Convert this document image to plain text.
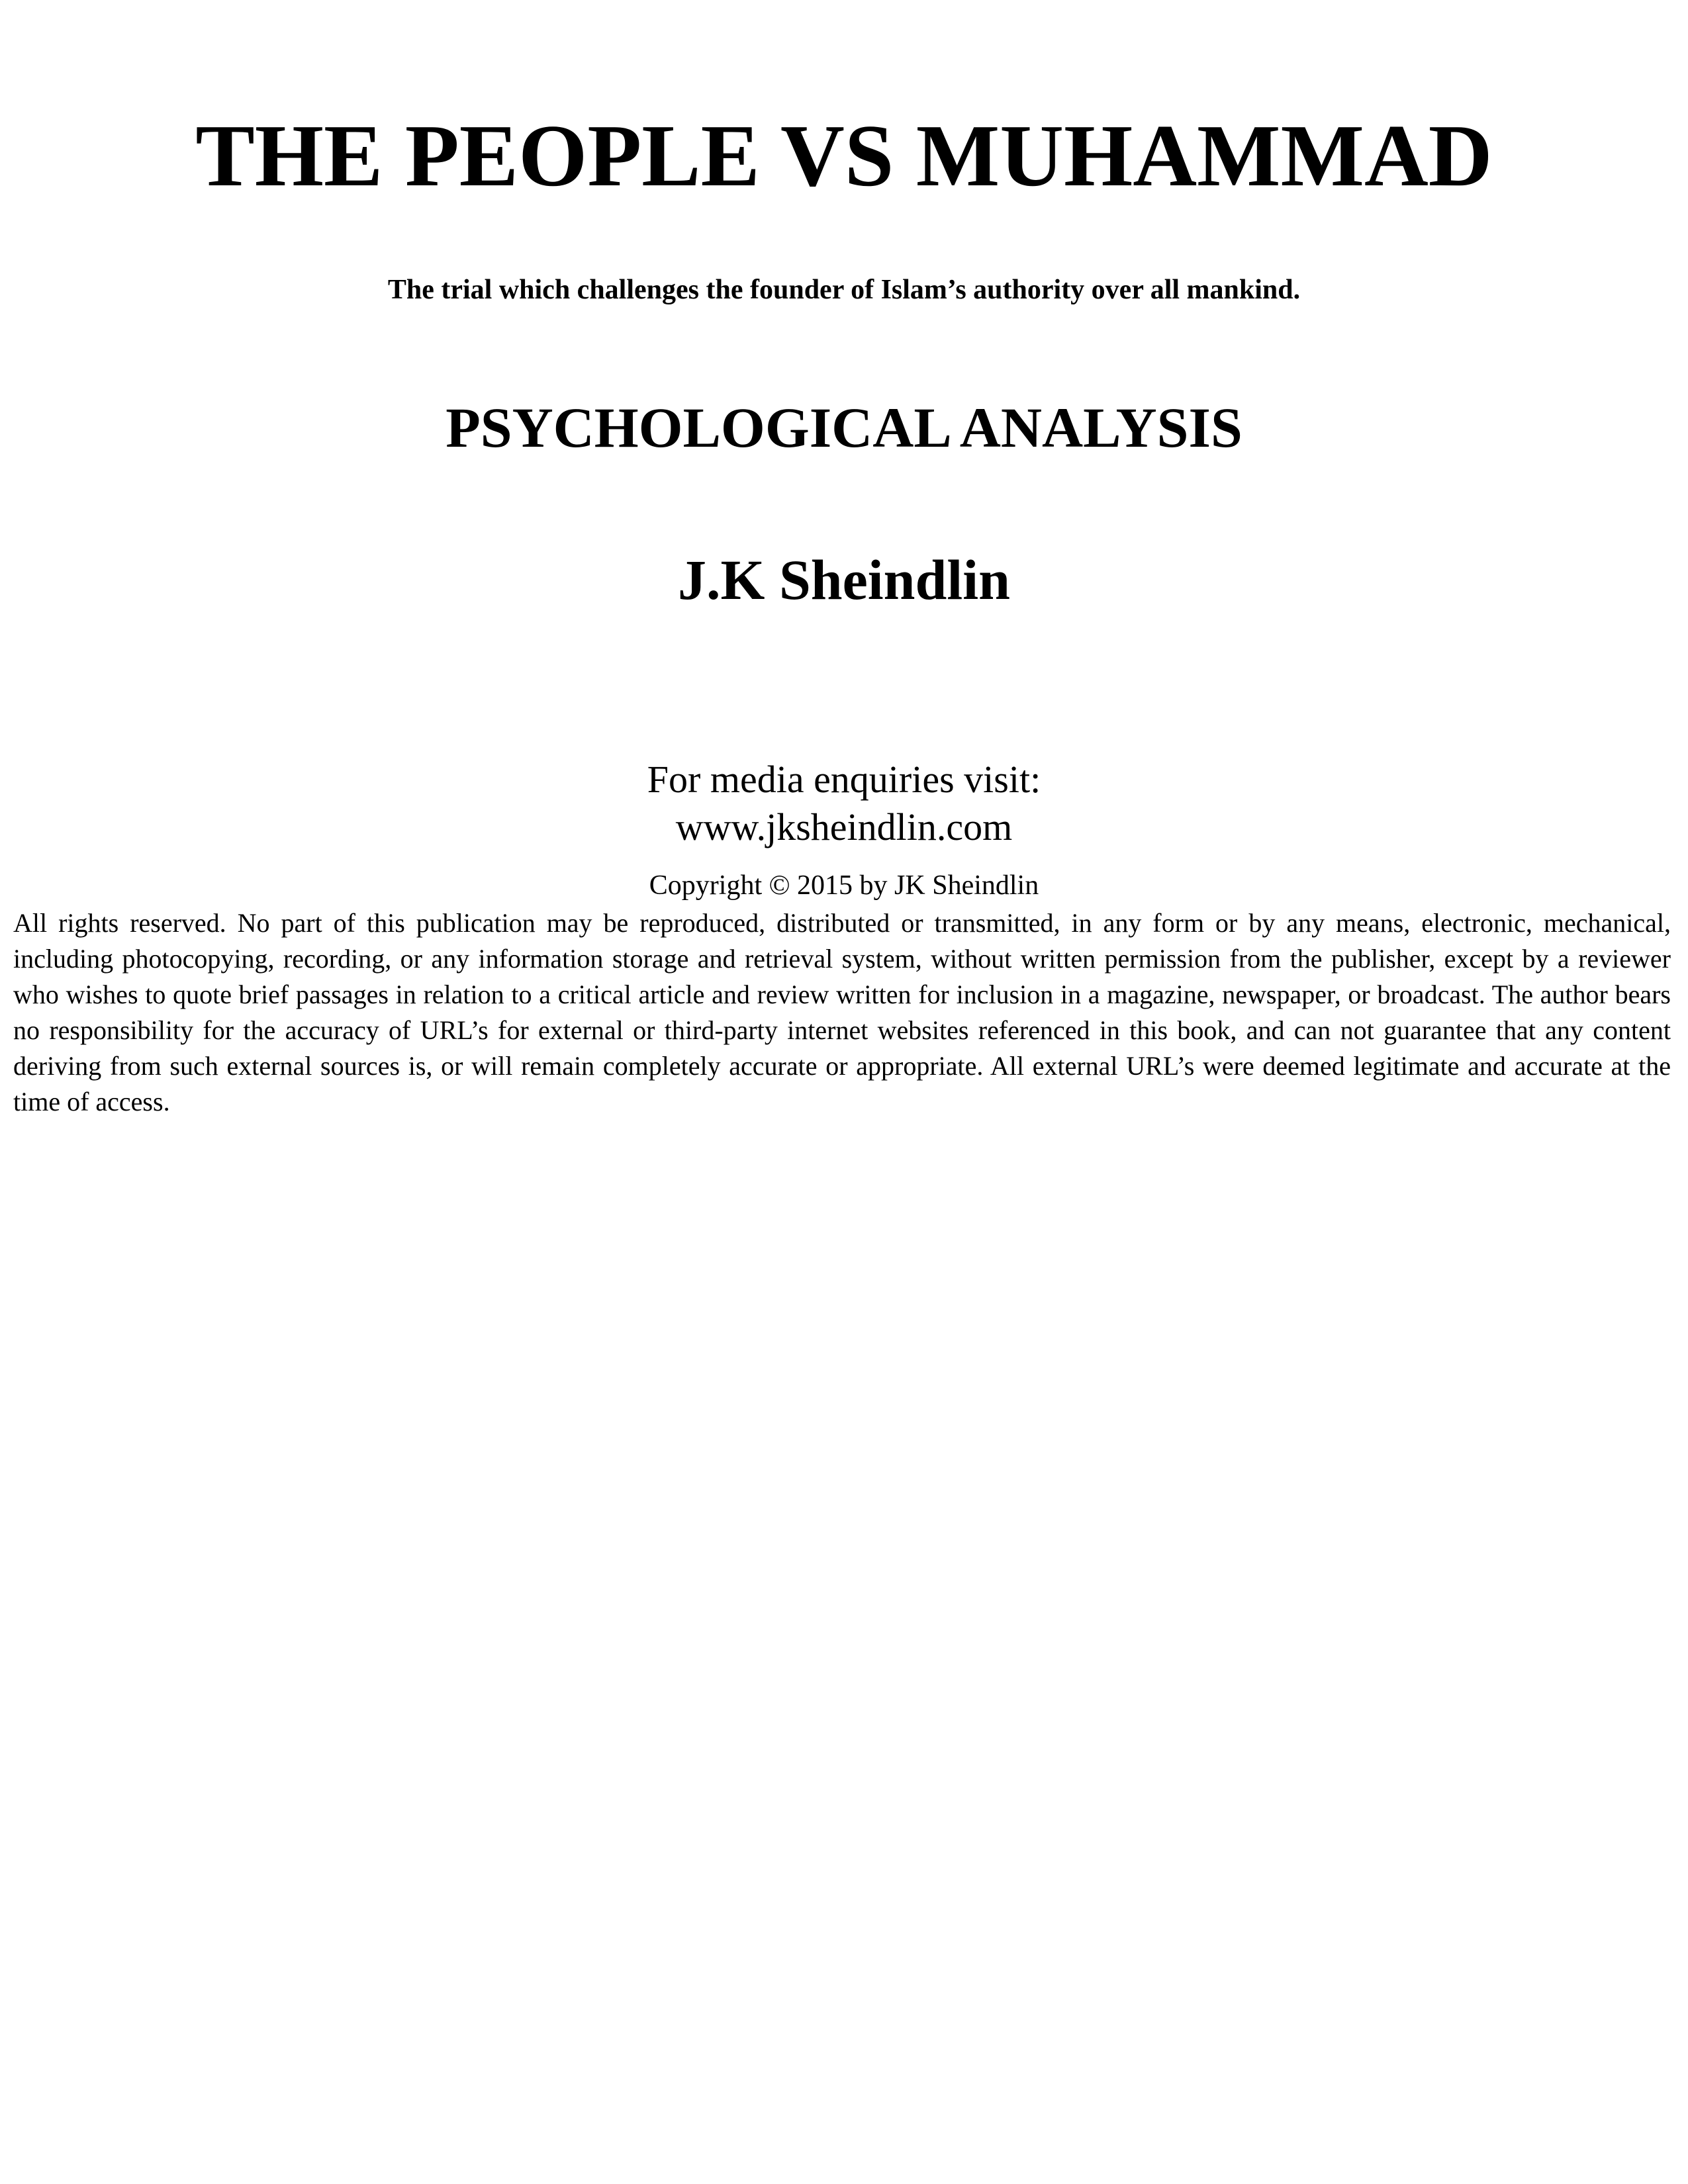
THE PEOPLE VS MUHAMMAD

The trial which challenges the founder of Islam’s authority over all mankind.

PSYCHOLOGICAL ANALYSIS
J.K Sheindlin

For media enquiries visit:

www.jksheindlin.com

Copyright © 2015 by JK Sheindlin

All rights reserved. No part of this publication may be reproduced, distributed or transmitted, in any form or by any means, electronic, mechanical, including photocopying, recording, or any information storage and retrieval system, without written permission from the publisher, except by a reviewer who wishes to quote brief passages in relation to a critical article and review written for inclusion in a magazine, newspaper, or broadcast. The author bears no responsibility for the accuracy of URL’s for external or third-party internet websites referenced in this book, and can not guarantee that any content deriving from such external sources is, or will remain completely accurate or appropriate. All external URL’s were deemed legitimate and accurate at the time of access.
